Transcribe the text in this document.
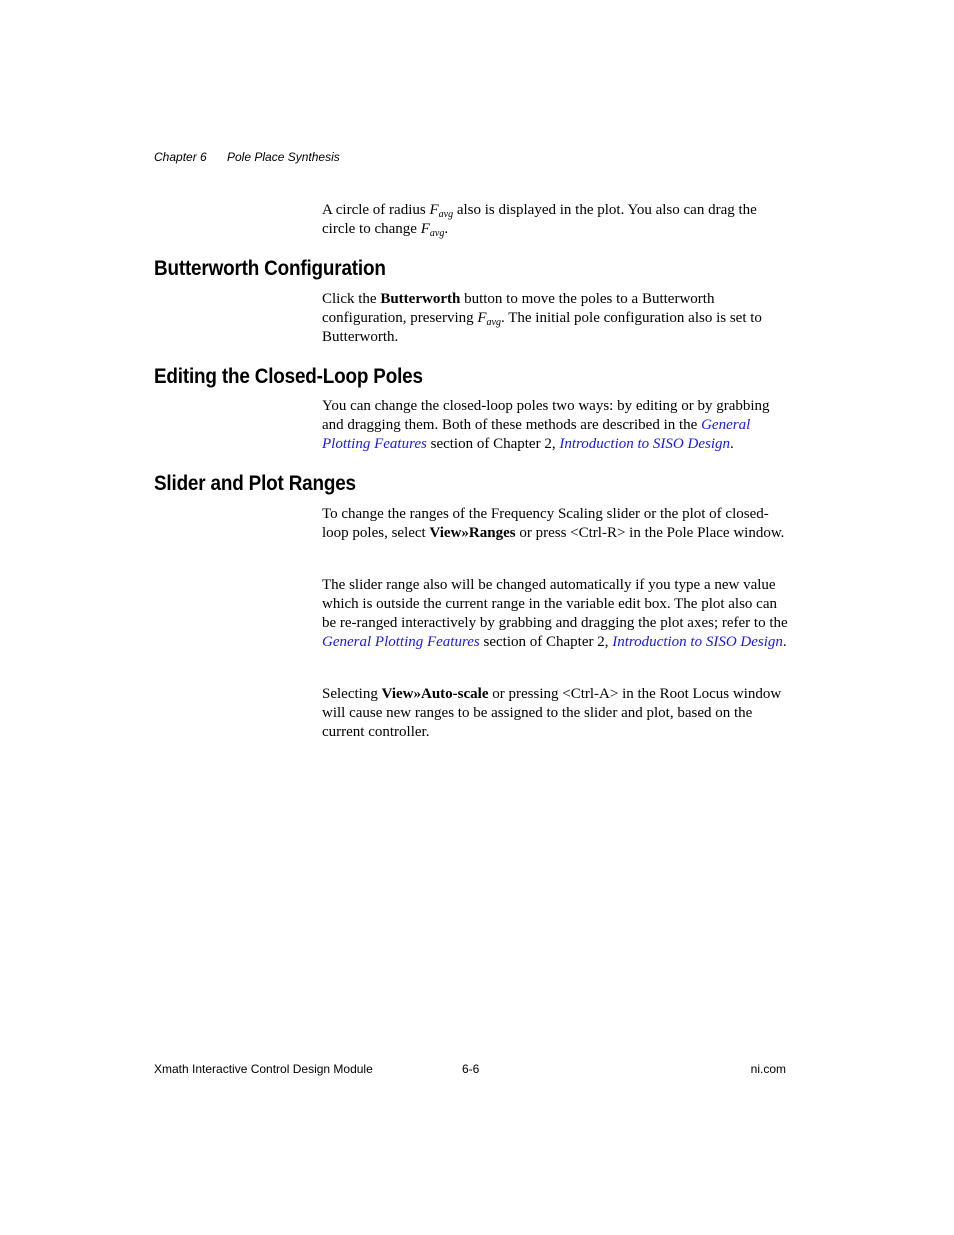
Chapter 6 Pole Place Synthesis

A circle of radius $F_{avg}$ also is displayed in the plot. You also can drag the circle to change $F_{avg}$.

Butterworth Configuration

Click the Butterworth button to move the poles to a Butterworth configuration, preserving $F_{avg}$. The initial pole configuration also is set to Butterworth.

Editing the Closed-Loop Poles

You can change the closed-loop poles two ways: by editing or by grabbing and dragging them. Both of these methods are described in the General Plotting Features section of Chapter 2, Introduction to SISO Design.

Slider and Plot Ranges

To change the ranges of the Frequency Scaling slider or the plot of closed-loop poles, select View»Ranges or press <Ctrl-R> in the Pole Place window.

The slider range also will be changed automatically if you type a new value which is outside the current range in the variable edit box. The plot also can be re-ranged interactively by grabbing and dragging the plot axes; refer to the General Plotting Features section of Chapter 2, Introduction to SISO Design.

Selecting View»Auto-scale or pressing <Ctrl-A> in the Root Locus window will cause new ranges to be assigned to the slider and plot, based on the current controller.

Xmath Interactive Control Design Module	6-6	ni.com
